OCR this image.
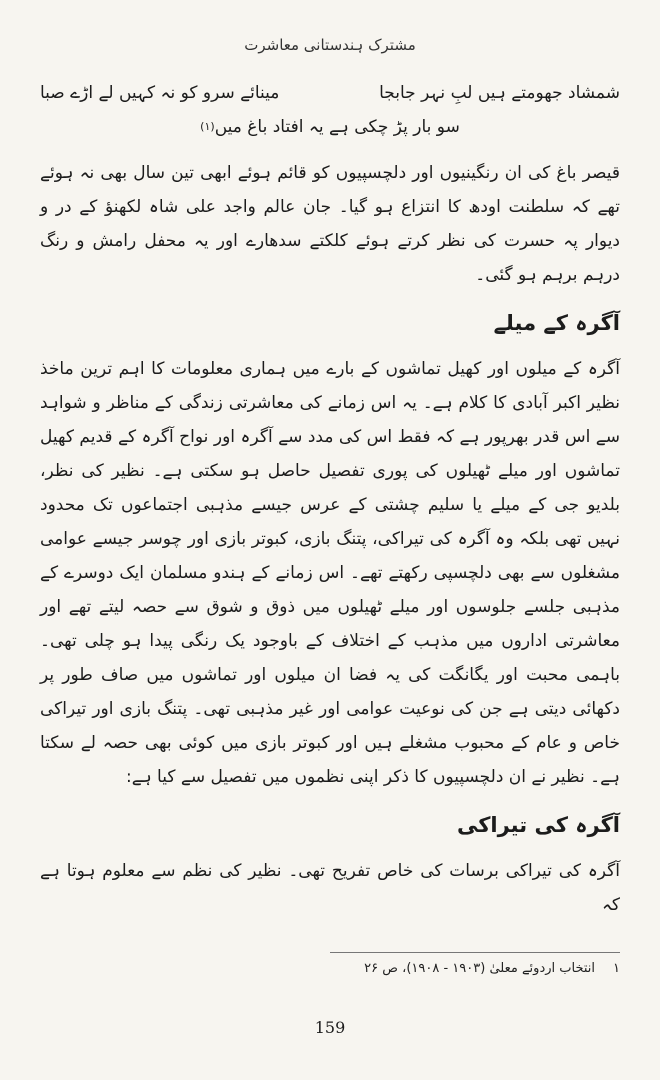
مشترک ہندستانی معاشرت
شمشاد جھومتے ہیں لبِ نہر جابجا
مینائے سرو کو نہ کہیں لے اڑے صبا
سو بار پڑ چکی ہے یہ افتاد باغ میں
(۱)

قیصر باغ کی ان رنگینیوں اور دلچسپیوں کو قائم ہوئے ابھی تین سال بھی نہ ہوئے تھے کہ سلطنت اودھ کا انتزاع ہو گیا۔ جان عالم واجد علی شاہ لکھنؤ کے در و دیوار پہ حسرت کی نظر کرتے ہوئے کلکتے سدھارے اور یہ محفل رامش و رنگ درہم برہم ہو گئی۔

آگرہ کے میلے

آگرہ کے میلوں اور کھیل تماشوں کے بارے میں ہماری معلومات کا اہم ترین ماخذ نظیر اکبر آبادی کا کلام ہے۔ یہ اس زمانے کی معاشرتی زندگی کے مناظر و شواہد سے اس قدر بھرپور ہے کہ فقط اس کی مدد سے آگرہ اور نواح آگرہ کے قدیم کھیل تماشوں اور میلے ٹھیلوں کی پوری تفصیل حاصل ہو سکتی ہے۔ نظیر کی نظر، بلدیو جی کے میلے یا سلیم چشتی کے عرس جیسے مذہبی اجتماعوں تک محدود نہیں تھی بلکہ وہ آگرہ کی تیراکی، پتنگ بازی، کبوتر بازی اور چوسر جیسے عوامی مشغلوں سے بھی دلچسپی رکھتے تھے۔ اس زمانے کے ہندو مسلمان ایک دوسرے کے مذہبی جلسے جلوسوں اور میلے ٹھیلوں میں ذوق و شوق سے حصہ لیتے تھے اور معاشرتی اداروں میں مذہب کے اختلاف کے باوجود یک رنگی پیدا ہو چلی تھی۔ باہمی محبت اور یگانگت کی یہ فضا ان میلوں اور تماشوں میں صاف طور پر دکھائی دیتی ہے جن کی نوعیت عوامی اور غیر مذہبی تھی۔ پتنگ بازی اور تیراکی خاص و عام کے محبوب مشغلے ہیں اور کبوتر بازی میں کوئی بھی حصہ لے سکتا ہے۔ نظیر نے ان دلچسپیوں کا ذکر اپنی نظموں میں تفصیل سے کیا ہے:

آگرہ کی تیراکی

آگرہ کی تیراکی برسات کی خاص تفریح تھی۔ نظیر کی نظم سے معلوم ہوتا ہے کہ

۱
انتخاب اردوئے معلیٰ (۱۹۰۳ - ۱۹۰۸)، ص ۲۶
159
